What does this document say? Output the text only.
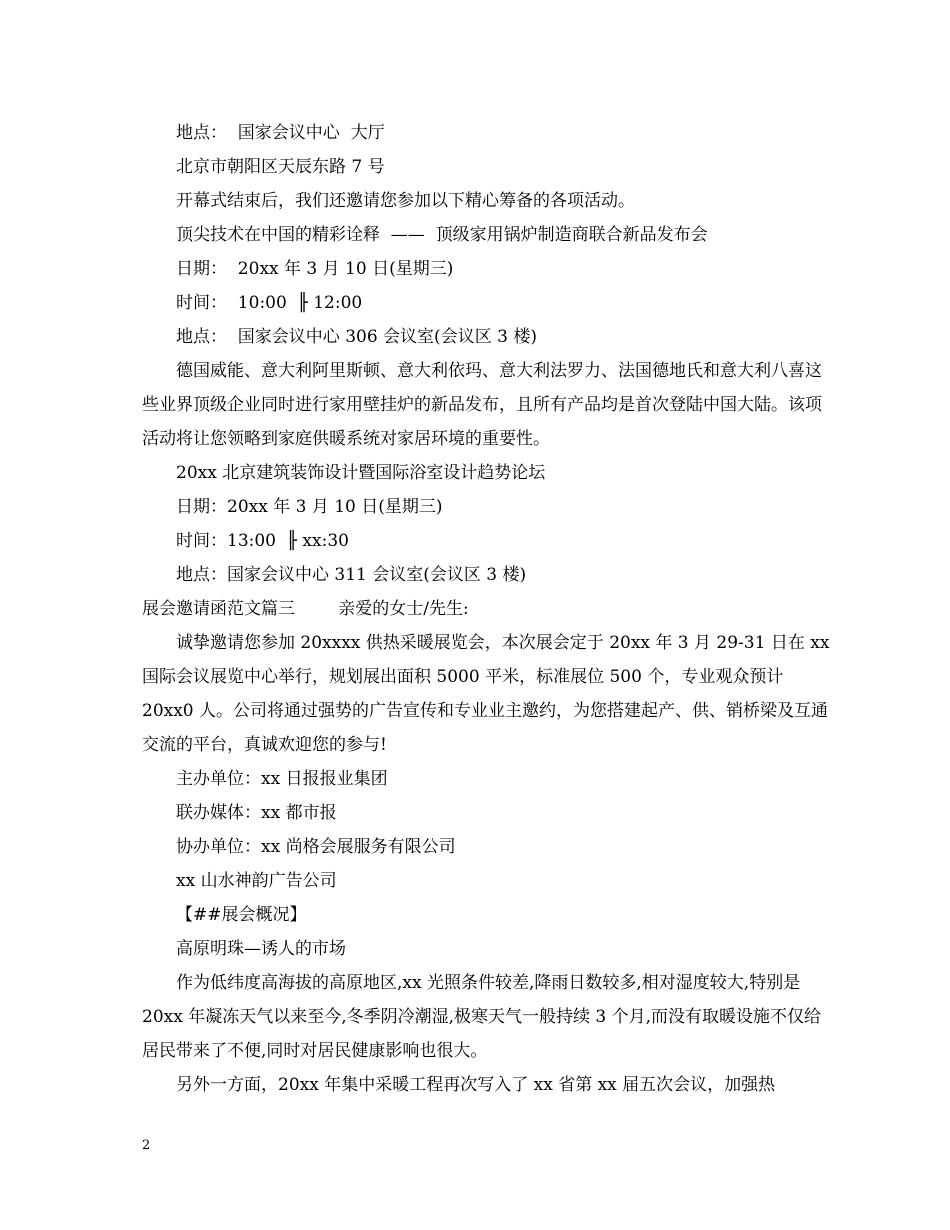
地点：  国家会议中心  大厅
北京市朝阳区天辰东路 7 号
开幕式结束后，我们还邀请您参加以下精心筹备的各项活动。
顶尖技术在中国的精彩诠释  ——  顶级家用锅炉制造商联合新品发布会
日期：  20xx 年 3 月 10 日(星期三)
时间：  10:00  ╟ 12:00
地点：  国家会议中心 306 会议室(会议区 3 楼)
德国威能、意大利阿里斯顿、意大利依玛、意大利法罗力、法国德地氏和意大利八喜这些业界顶级企业同时进行家用壁挂炉的新品发布，且所有产品均是首次登陆中国大陆。该项活动将让您领略到家庭供暖系统对家居环境的重要性。
20xx 北京建筑装饰设计暨国际浴室设计趋势论坛
日期：20xx 年 3 月 10 日(星期三)
时间：13:00  ╟ xx:30
地点：国家会议中心 311 会议室(会议区 3 楼)
展会邀请函范文篇三        亲爱的女士/先生:
诚挚邀请您参加 20xxxx 供热采暖展览会，本次展会定于 20xx 年 3 月 29-31 日在 xx 国际会议展览中心举行，规划展出面积 5000 平米，标准展位 500 个，专业观众预计 20xx0 人。公司将通过强势的广告宣传和专业业主邀约，为您搭建起产、供、销桥梁及互通交流的平台，真诚欢迎您的参与!
主办单位：xx 日报报业集团
联办媒体：xx 都市报
协办单位：xx 尚格会展服务有限公司
xx 山水神韵广告公司
【##展会概况】
高原明珠—诱人的市场
作为低纬度高海拔的高原地区,xx 光照条件较差,降雨日数较多,相对湿度较大,特别是 20xx 年凝冻天气以来至今,冬季阴冷潮湿,极寒天气一般持续 3 个月,而没有取暖设施不仅给居民带来了不便,同时对居民健康影响也很大。
另外一方面，20xx 年集中采暖工程再次写入了 xx 省第 xx 届五次会议，加强热
2
